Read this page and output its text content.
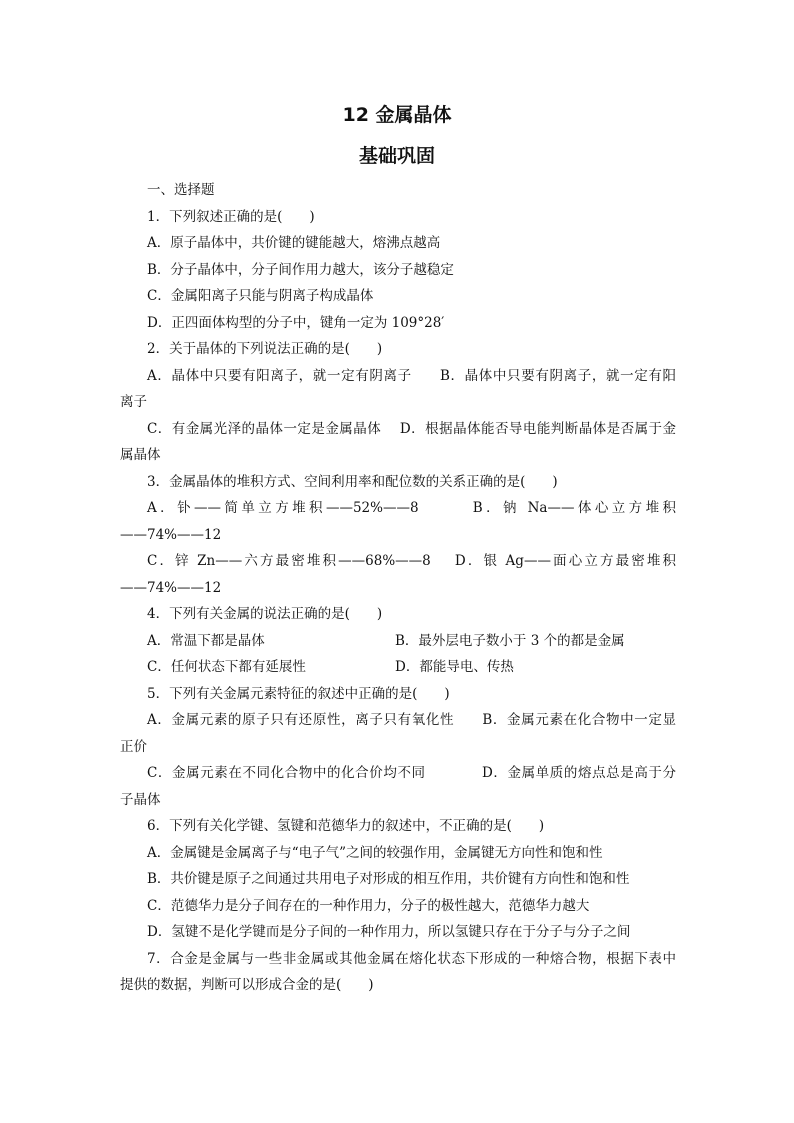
12 金属晶体
基础巩固

一、选择题

1．下列叙述正确的是(　　)

A．原子晶体中，共价键的键能越大，熔沸点越高

B．分子晶体中，分子间作用力越大，该分子越稳定

C．金属阳离子只能与阴离子构成晶体

D．正四面体构型的分子中，键角一定为 109°28′

2．关于晶体的下列说法正确的是(　　)

A．晶体中只要有阳离子，就一定有阴离子　　B．晶体中只要有阴离子，就一定有阳

离子

C．有金属光泽的晶体一定是金属晶体　 D．根据晶体能否导电能判断晶体是否属于金

属晶体

3．金属晶体的堆积方式、空间利用率和配位数的关系正确的是(　　)

A．钋——简单立方堆积——52%——8　　　B．钠 Na——体心立方堆积

——74%——12

C．锌 Zn——六方最密堆积——68%——8　 D．银 Ag——面心立方最密堆积

——74%——12

4．下列有关金属的说法正确的是(　　)

A．常温下都是晶体	B．最外层电子数小于 3 个的都是金属
C．任何状态下都有延展性	D．都能导电、传热

5．下列有关金属元素特征的叙述中正确的是(　　)

A．金属元素的原子只有还原性，离子只有氧化性　　B．金属元素在化合物中一定显

正价

C．金属元素在不同化合物中的化合价均不同　　　　D．金属单质的熔点总是高于分

子晶体

6．下列有关化学键、氢键和范德华力的叙述中，不正确的是(　　)

A．金属键是金属离子与“电子气”之间的较强作用，金属键无方向性和饱和性

B．共价键是原子之间通过共用电子对形成的相互作用，共价键有方向性和饱和性

C．范德华力是分子间存在的一种作用力，分子的极性越大，范德华力越大

D．氢键不是化学键而是分子间的一种作用力，所以氢键只存在于分子与分子之间

7．合金是金属与一些非金属或其他金属在熔化状态下形成的一种熔合物，根据下表中

提供的数据，判断可以形成合金的是(　　)
